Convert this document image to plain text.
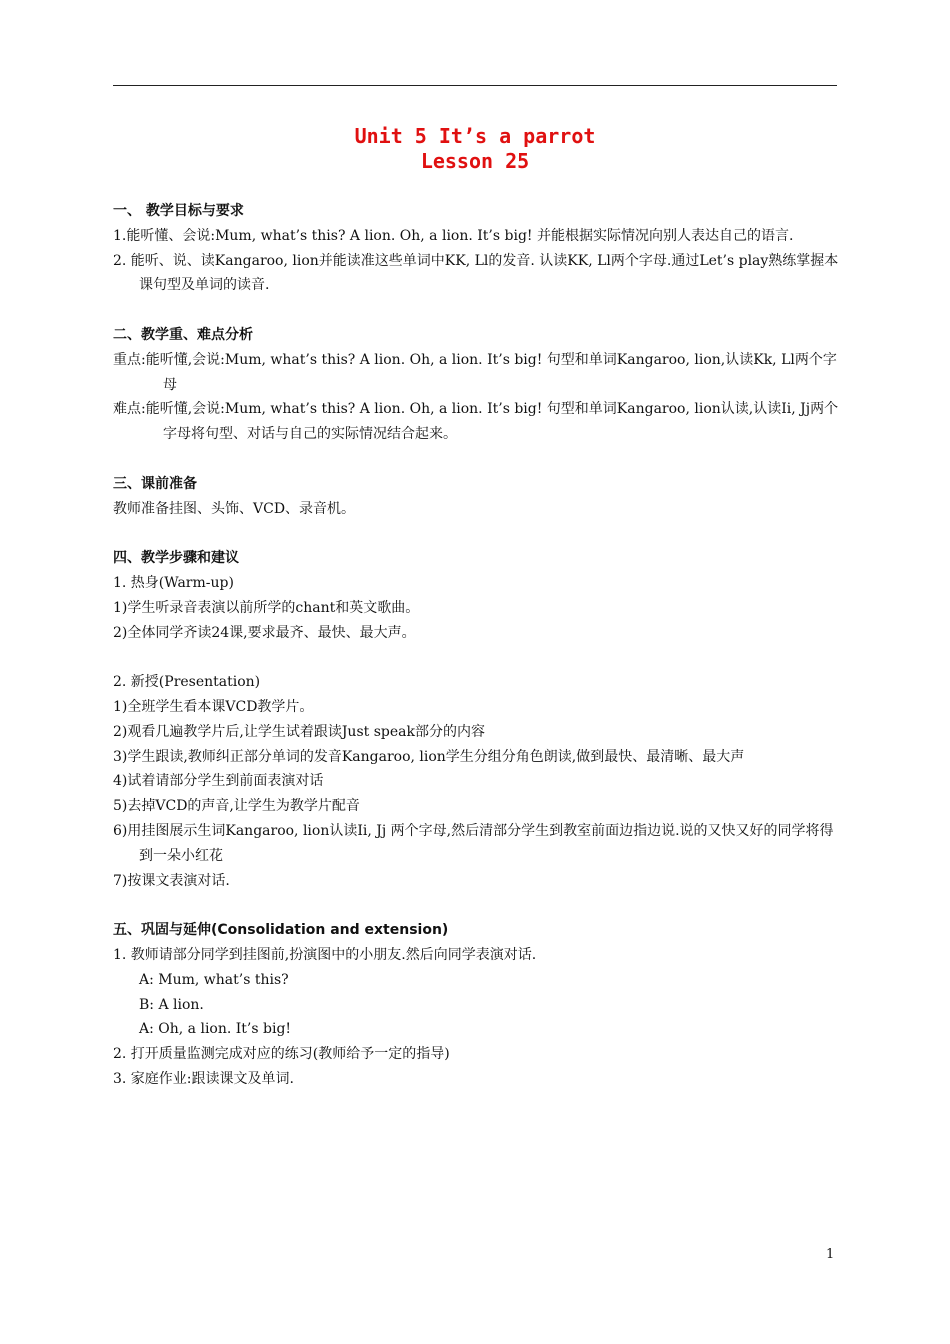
Unit 5 It’s a parrot
Lesson 25

一、 教学目标与要求

1.能听懂、会说:Mum, what’s this? A lion. Oh, a lion. It’s big! 并能根据实际情况向别人表达自己的语言.

2. 能听、说、读Kangaroo, lion并能读准这些单词中KK, Ll的发音. 认读KK, Ll两个字母.通过Let’s play熟练掌握本课句型及单词的读音.

二、教学重、难点分析

重点:能听懂,会说:Mum, what’s this? A lion. Oh, a lion. It’s big! 句型和单词Kangaroo, lion,认读Kk, Ll两个字母

难点:能听懂,会说:Mum, what’s this? A lion. Oh, a lion. It’s big! 句型和单词Kangaroo, lion认读,认读Ii, Jj两个字母将句型、对话与自己的实际情况结合起来。

三、课前准备

教师准备挂图、头饰、VCD、录音机。

四、教学步骤和建议

1. 热身(Warm-up)

1)学生听录音表演以前所学的chant和英文歌曲。

2)全体同学齐读24课,要求最齐、最快、最大声。

2. 新授(Presentation)

1)全班学生看本课VCD教学片。

2)观看几遍教学片后,让学生试着跟读Just speak部分的内容

3)学生跟读,教师纠正部分单词的发音Kangaroo, lion学生分组分角色朗读,做到最快、最清晰、最大声

4)试着请部分学生到前面表演对话

5)去掉VCD的声音,让学生为教学片配音

6)用挂图展示生词Kangaroo, lion认读Ii, Jj 两个字母,然后清部分学生到教室前面边指边说.说的又快又好的同学将得到一朵小红花

7)按课文表演对话.

五、巩固与延伸(Consolidation and extension)

1. 教师请部分同学到挂图前,扮演图中的小朋友.然后向同学表演对话.

A: Mum, what’s this?

B: A lion.

A: Oh, a lion. It’s big!

2. 打开质量监测完成对应的练习(教师给予一定的指导)

3. 家庭作业:跟读课文及单词.

1
